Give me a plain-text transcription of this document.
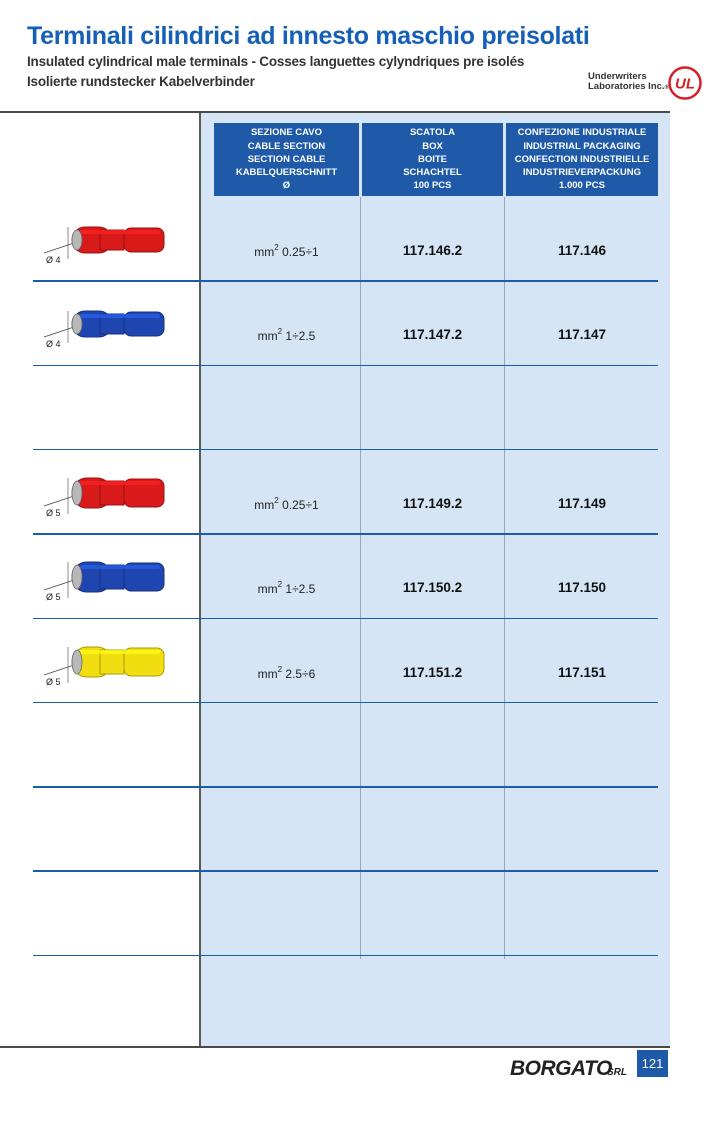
Terminali cilindrici ad innesto maschio preisolati
Insulated cylindrical male terminals - Cosses languettes cylyndriques pre isolés
Isolierte rundstecker Kabelverbinder	Underwriters
Laboratories Inc.® UL
SEZIONE CAVO
CABLE SECTION
SECTION CABLE
KABELQUERSCHNITT
Ø
SCATOLA
BOX
BOITE
SCHACHTEL
100 PCS
CONFEZIONE INDUSTRIALE
INDUSTRIAL PACKAGING
CONFECTION INDUSTRIELLE
INDUSTRIEVERPACKUNG
1.000 PCS
Ø 4
$mm^2$ 0.25÷1	117.146.2	117.146
Ø 4
$mm^2$ 1÷2.5	117.147.2	117.147
Ø 5
$mm^2$ 0.25÷1	117.149.2	117.149
Ø 5
$mm^2$ 1÷2.5	117.150.2	117.150
Ø 5
$mm^2$ 2.5÷6	117.151.2	117.151
BORGATO
SRL
121
